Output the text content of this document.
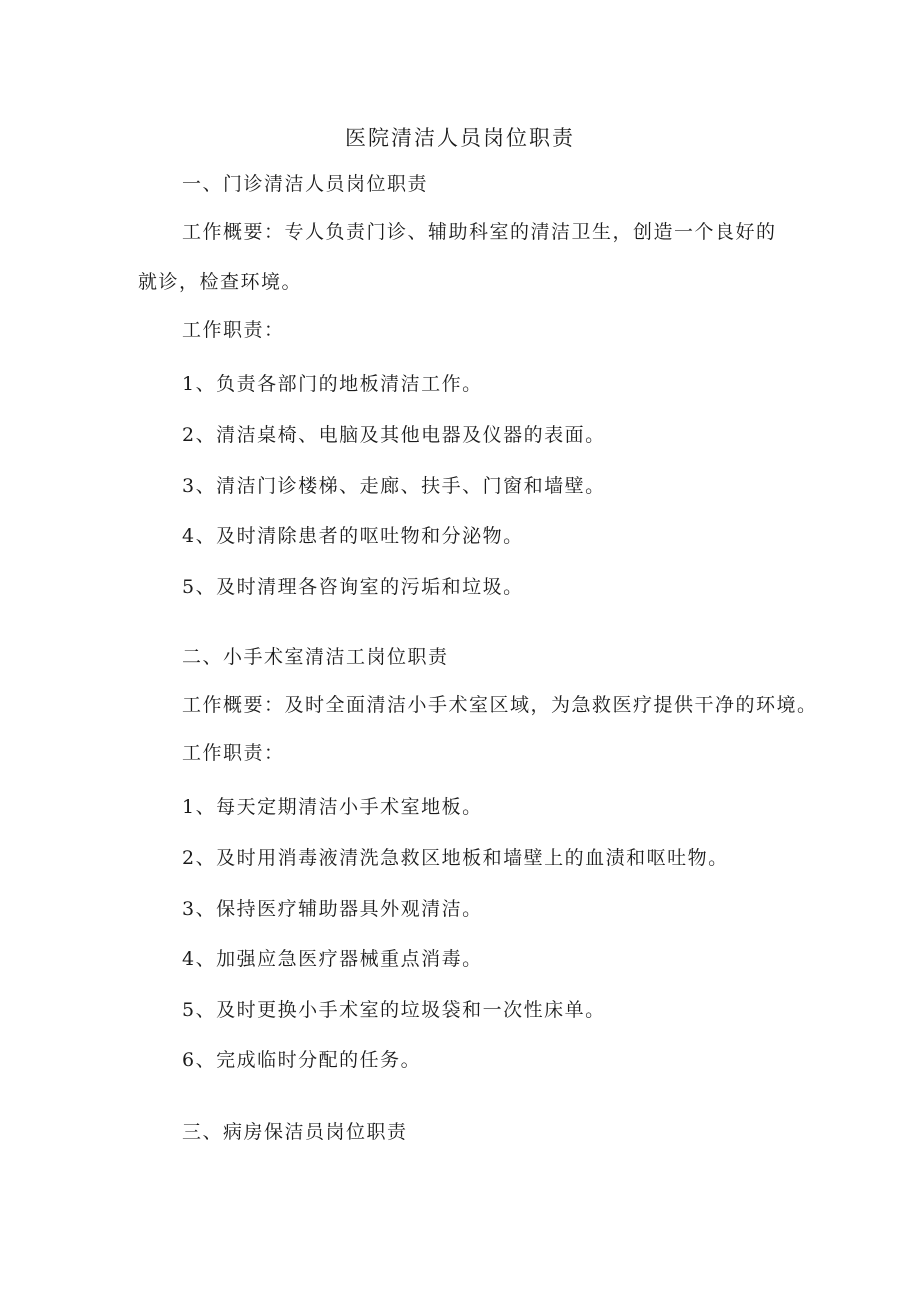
医院清洁人员岗位职责
一、门诊清洁人员岗位职责
工作概要：专人负责门诊、辅助科室的清洁卫生，创造一个良好的
就诊，检查环境。
工作职责：
1、负责各部门的地板清洁工作。
2、清洁桌椅、电脑及其他电器及仪器的表面。
3、清洁门诊楼梯、走廊、扶手、门窗和墙壁。
4、及时清除患者的呕吐物和分泌物。
5、及时清理各咨询室的污垢和垃圾。
二、小手术室清洁工岗位职责
工作概要：及时全面清洁小手术室区域，为急救医疗提供干净的环境。
工作职责：
1、每天定期清洁小手术室地板。
2、及时用消毒液清洗急救区地板和墙壁上的血渍和呕吐物。
3、保持医疗辅助器具外观清洁。
4、加强应急医疗器械重点消毒。
5、及时更换小手术室的垃圾袋和一次性床单。
6、完成临时分配的任务。
三、病房保洁员岗位职责
